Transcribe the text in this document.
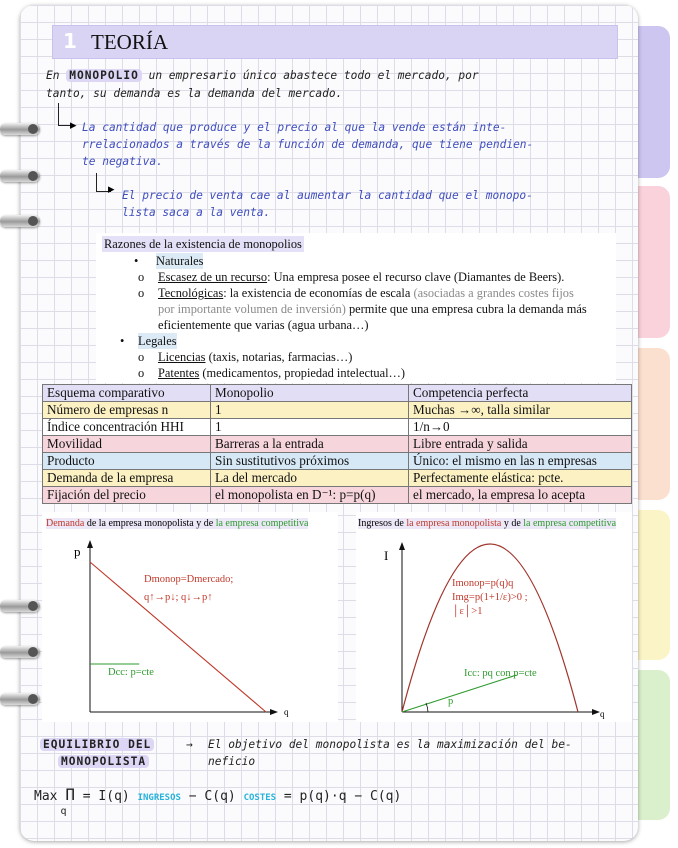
1 TEORÍA
En MONOPOLIO un empresario único abastece todo el mercado, por
tanto, su demanda es la demanda del mercado.
▸ La cantidad que produce y el precio al que la vende están inte-
rrelacionados a través de la función de demanda, que tiene pendien-
te negativa.
▸ El precio de venta cae al aumentar la cantidad que el monopo-
lista saca a la venta.
Razones de la existencia de monopolios
• Naturales
o Escasez de un recurso: Una empresa posee el recurso clave (Diamantes de Beers).
o Tecnológicas: la existencia de economías de escala (asociadas a grandes costes fijos
por importante volumen de inversión) permite que una empresa cubra la demanda más
eficientemente que varias (agua urbana…)
• Legales
o Licencias (taxis, notarias, farmacias…)
o Patentes (medicamentos, propiedad intelectual…)
Esquema comparativo	Monopolio	Competencia perfecta
Número de empresas n	1	Muchas →∞, talla similar
Índice concentración HHI	1	1/n→0
Movilidad	Barreras a la entrada	Libre entrada y salida
Producto	Sin sustitutivos próximos	Único: el mismo en las n empresas
Demanda de la empresa	La del mercado	Perfectamente elástica: pcte.
Fijación del precio	el monopolista en D⁻¹: p=p(q)	el mercado, la empresa lo acepta
Demanda de la empresa monopolista y de la empresa competitiva
p
q
Dmonop=Dmercado;
q↑→p↓; q↓→p↑
Dcc: p=cte
Ingresos de la empresa monopolista y de la empresa competitiva
I
q
Imonop=p(q)q
Img=p(1+1/ε)>0 ;
│ε│>1
Icc: pq con p=cte
p
EQUILIBRIO DEL
MONOPOLISTA
→ El objetivo del monopolista es la maximización del be-
neficio
Max Π
q
= I(q) INGRESOS − C(q) COSTES = p(q)·q − C(q)
